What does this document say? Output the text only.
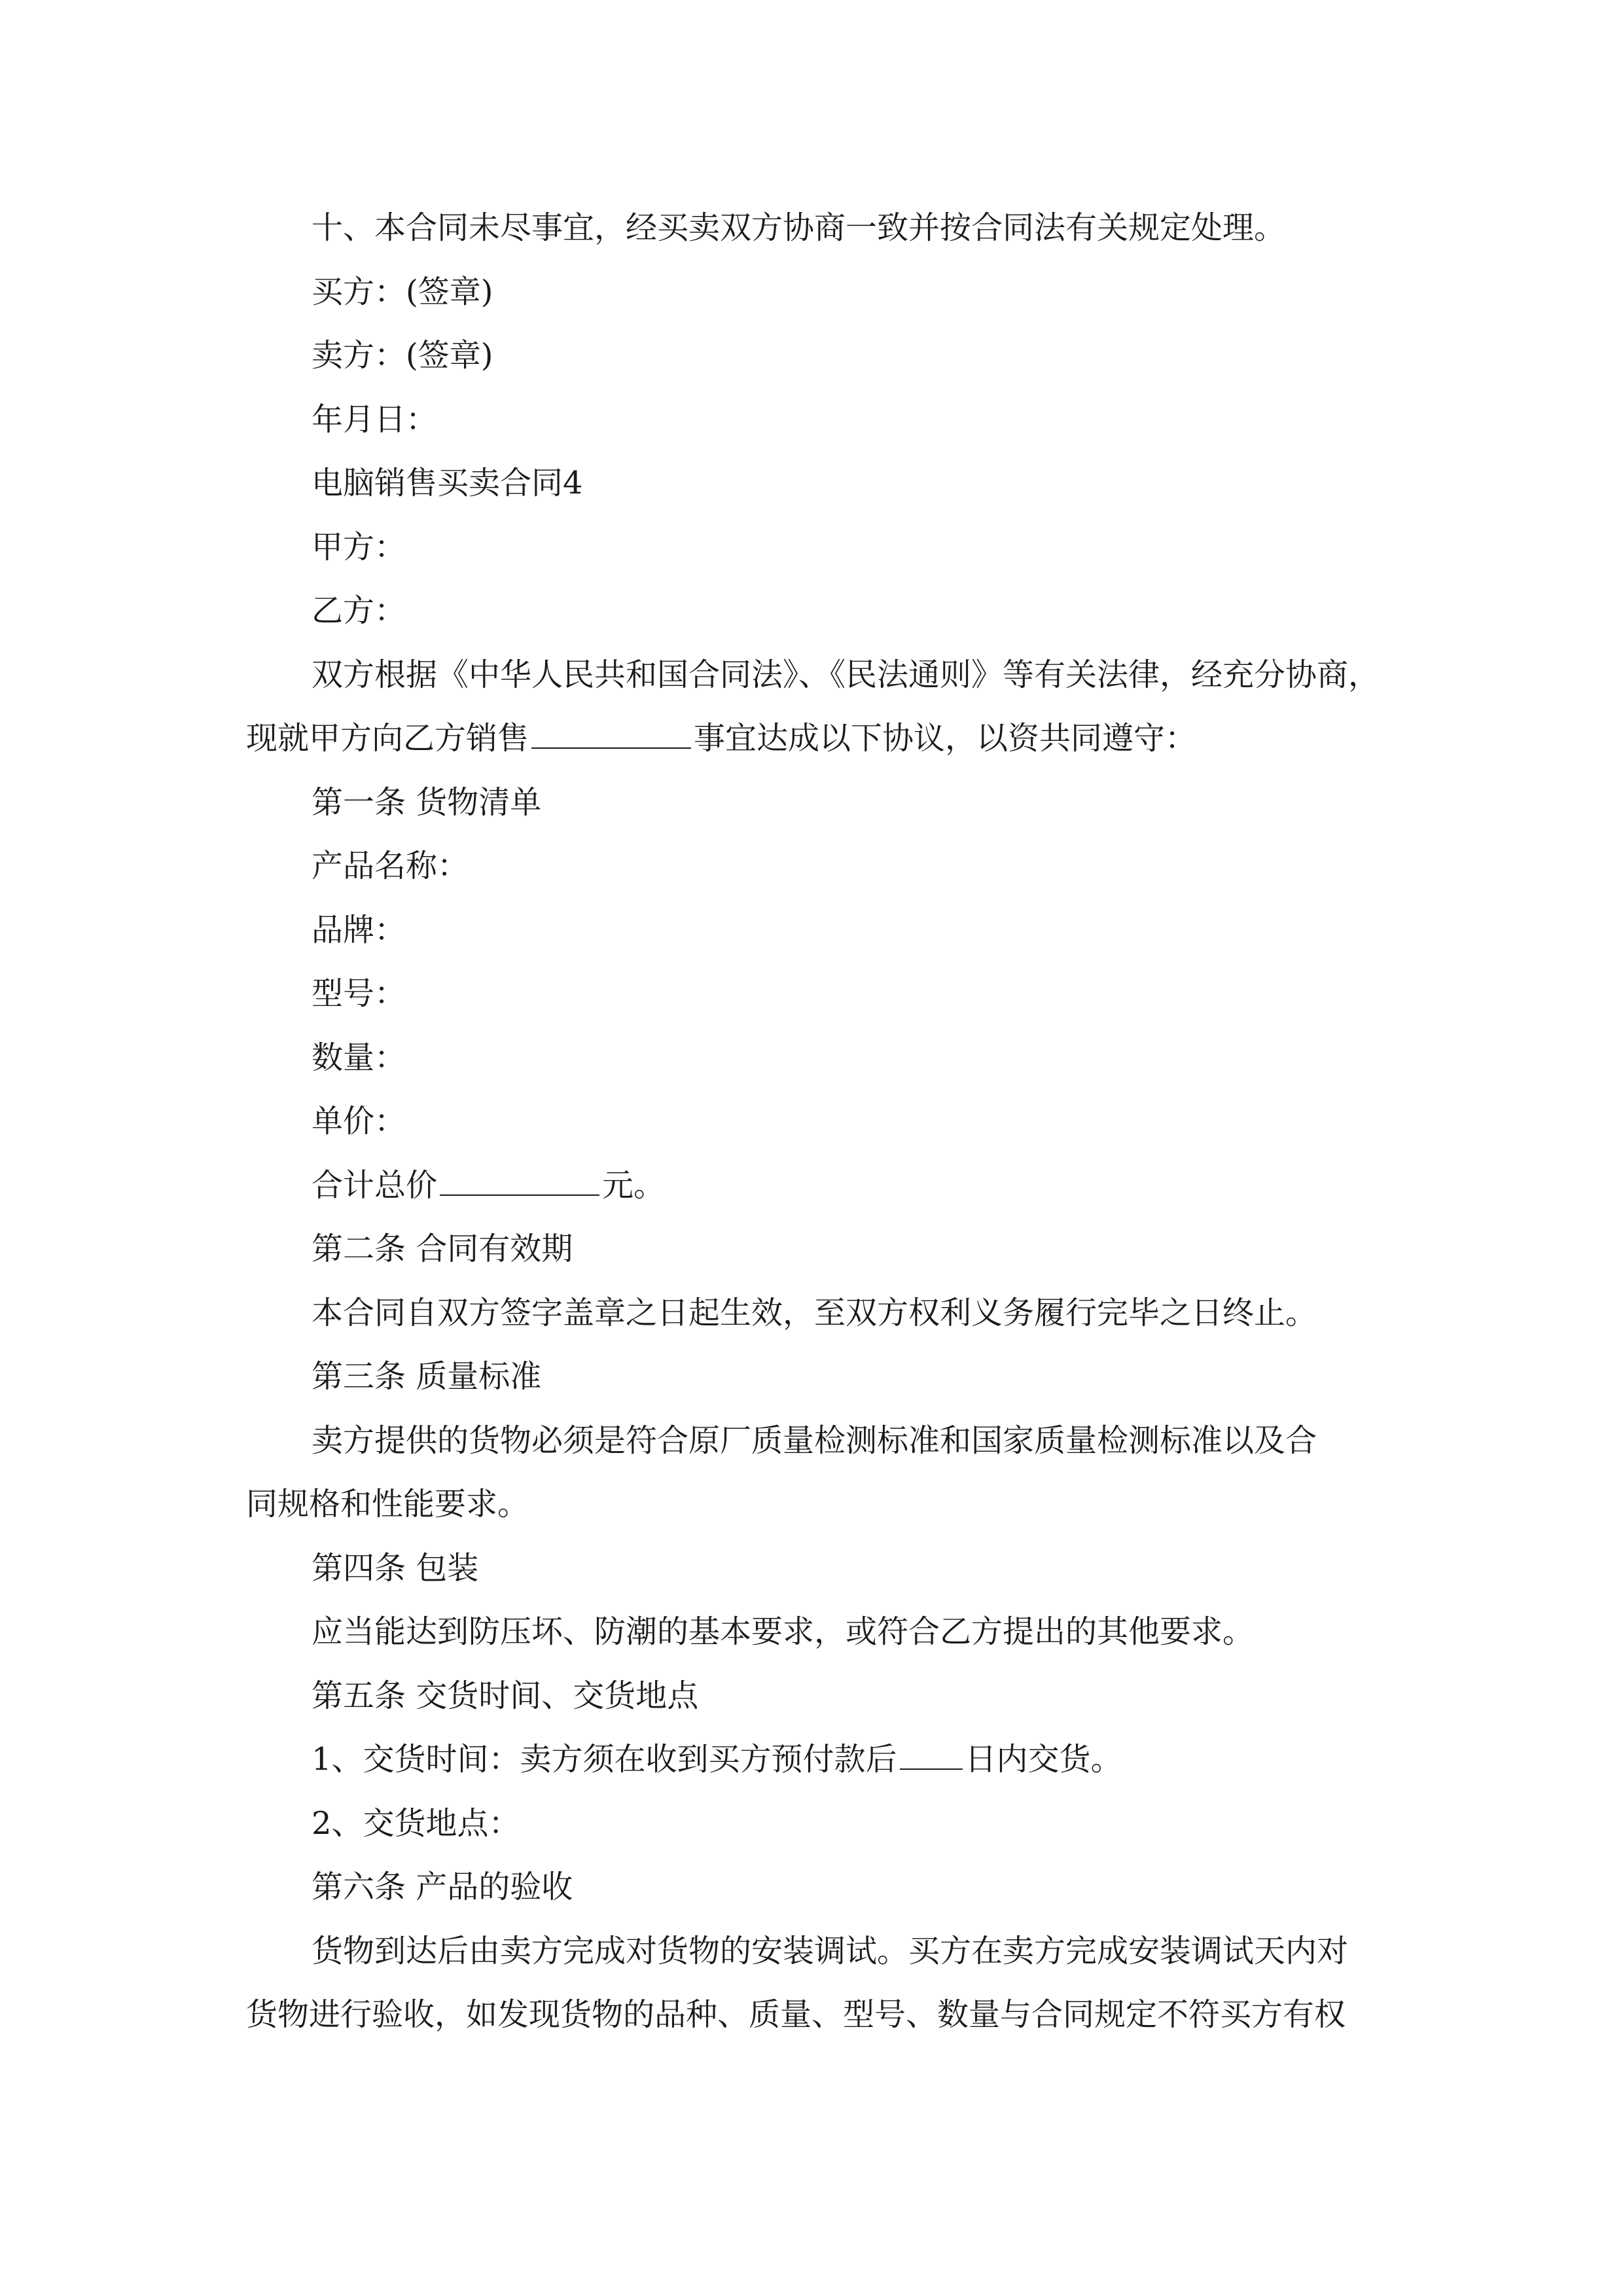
十、本合同未尽事宜，经买卖双方协商一致并按合同法有关规定处理。
买方：(签章)
卖方：(签章)
年月日：
电脑销售买卖合同4
甲方：
乙方：
双方根据《中华人民共和国合同法》、《民法通则》等有关法律，经充分协商，
现就甲方向乙方销售	事宜达成以下协议，以资共同遵守：
第一条 货物清单
产品名称：
品牌：
型号：
数量：
单价：
合计总价	元。
第二条 合同有效期
本合同自双方签字盖章之日起生效，至双方权利义务履行完毕之日终止。
第三条 质量标准
卖方提供的货物必须是符合原厂质量检测标准和国家质量检测标准以及合
同规格和性能要求。
第四条 包装
应当能达到防压坏、防潮的基本要求，或符合乙方提出的其他要求。
第五条 交货时间、交货地点
1、交货时间：卖方须在收到买方预付款后 日内交货。
2、交货地点：
第六条 产品的验收
货物到达后由卖方完成对货物的安装调试。买方在卖方完成安装调试天内对
货物进行验收，如发现货物的品种、质量、型号、数量与合同规定不符买方有权
